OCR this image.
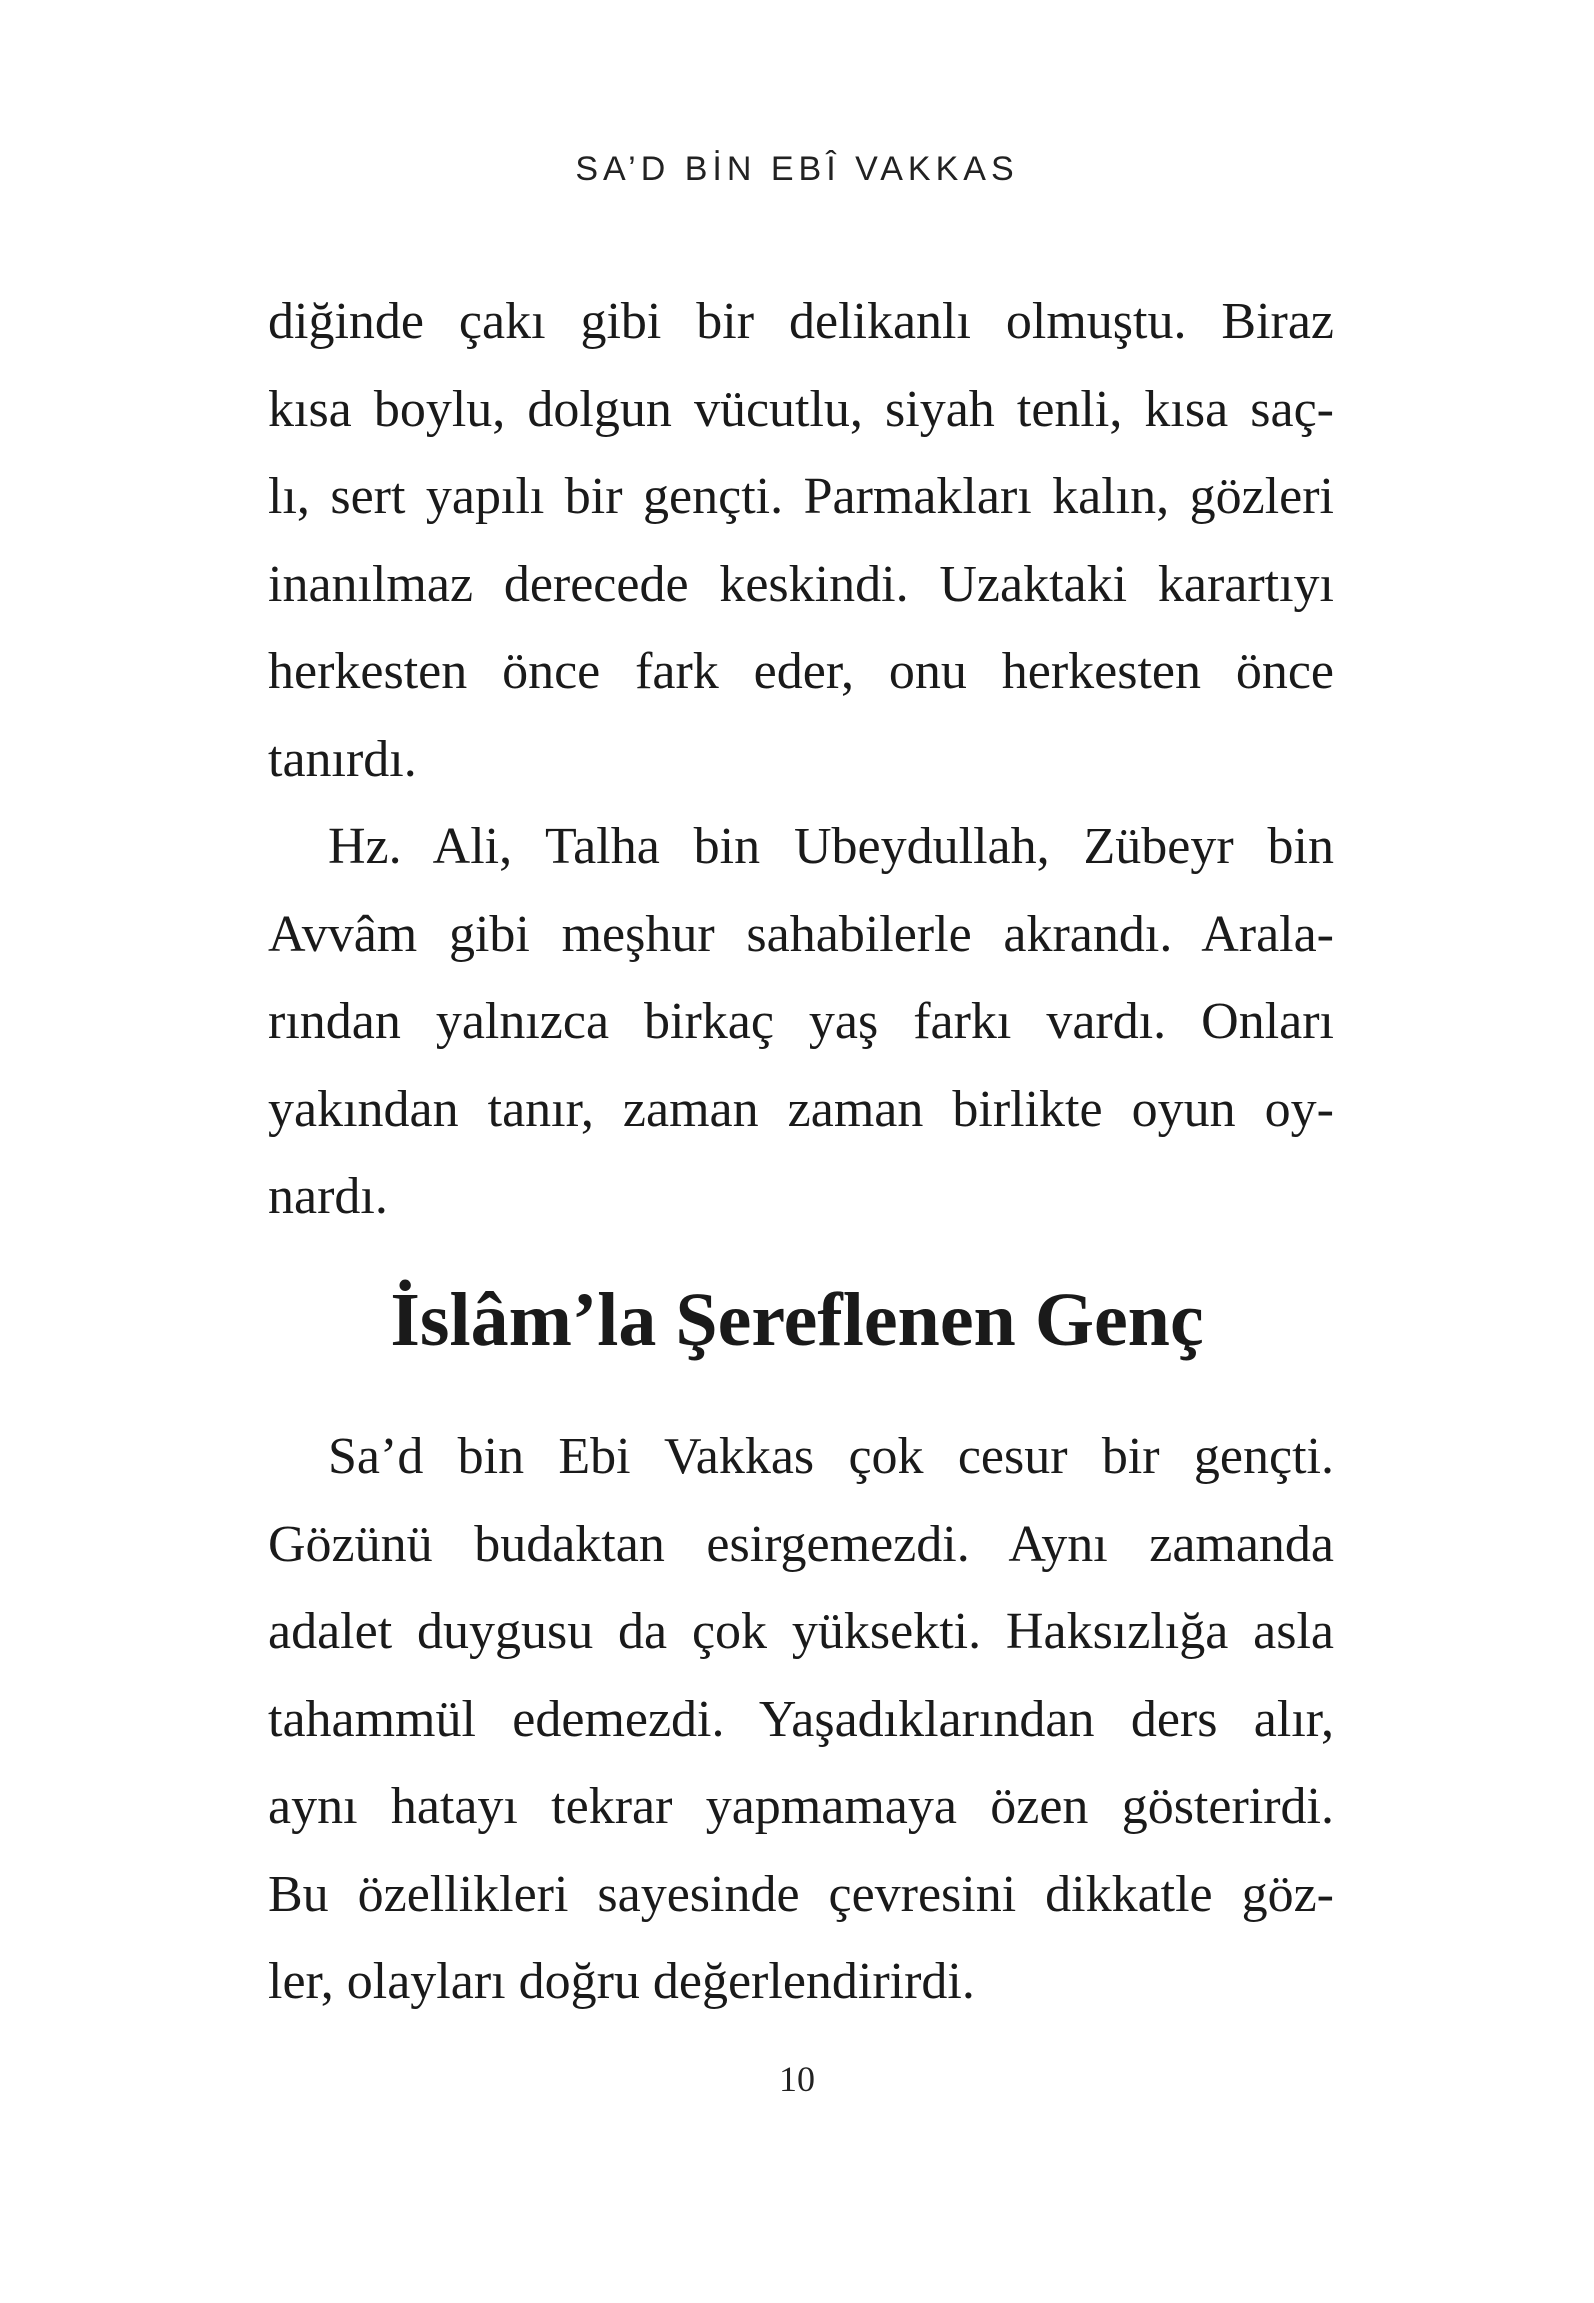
SA’D BİN EBÎ VAKKAS
diğinde çakı gibi bir delikanlı olmuştu. Biraz
kısa boylu, dolgun vücutlu, siyah tenli, kısa saç-
lı, sert yapılı bir gençti. Parmakları kalın, gözleri
inanılmaz derecede keskindi. Uzaktaki karartıyı
herkesten önce fark eder, onu herkesten önce
tanırdı.
Hz. Ali, Talha bin Ubeydullah, Zübeyr bin
Avvâm gibi meşhur sahabilerle akrandı. Arala-
rından yalnızca birkaç yaş farkı vardı. Onları
yakından tanır, zaman zaman birlikte oyun oy-
nardı.
İslâm’la Şereflenen Genç
Sa’d bin Ebi Vakkas çok cesur bir gençti.
Gözünü budaktan esirgemezdi. Aynı zamanda
adalet duygusu da çok yüksekti. Haksızlığa asla
tahammül edemezdi. Yaşadıklarından ders alır,
aynı hatayı tekrar yapmamaya özen gösterirdi.
Bu özellikleri sayesinde çevresini dikkatle göz-
ler, olayları doğru değerlendirirdi.
10
